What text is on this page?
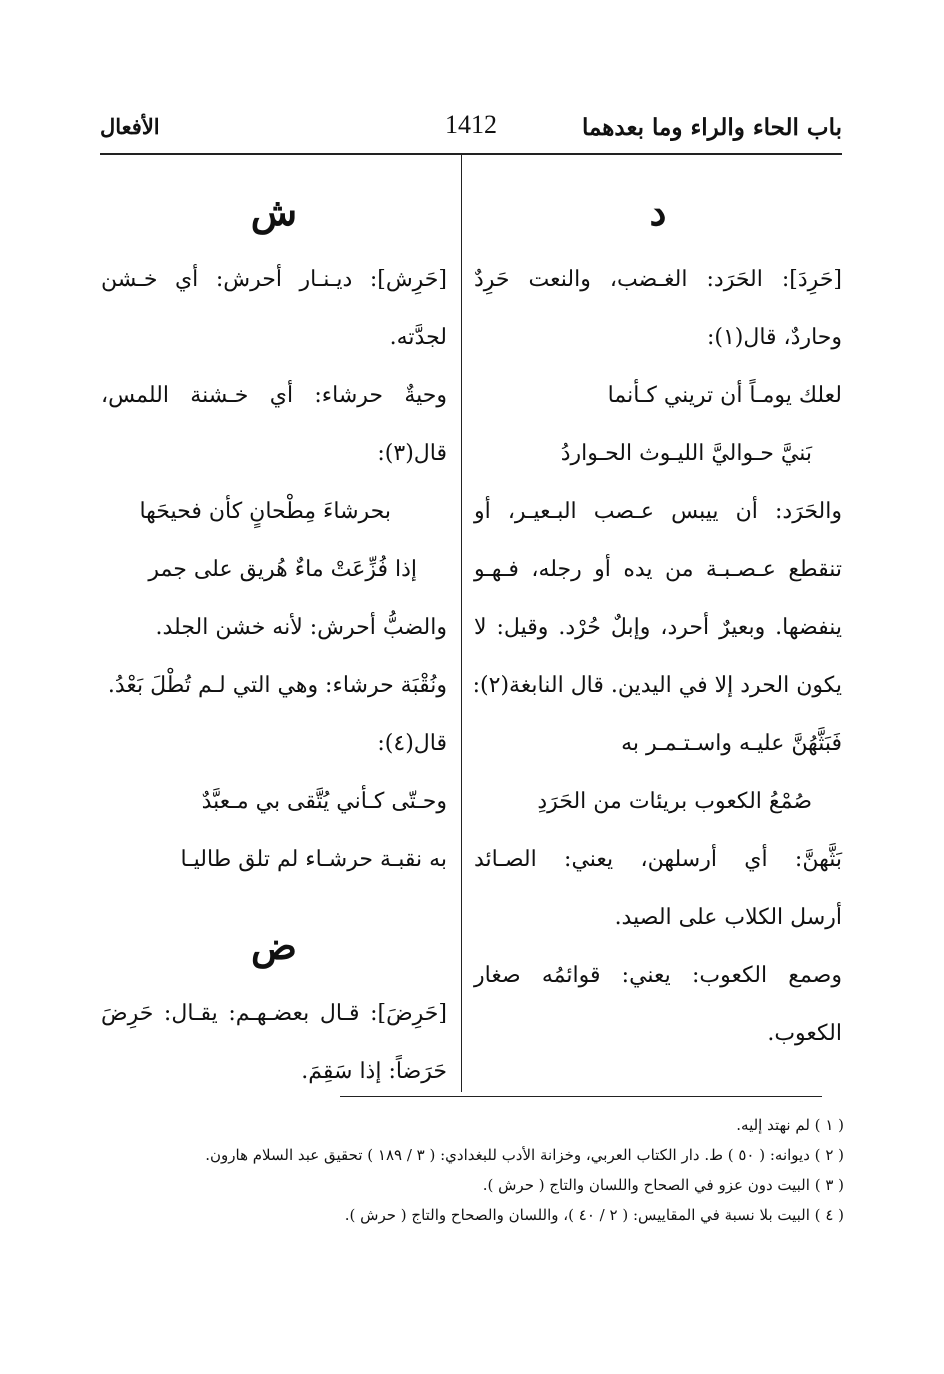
باب الحاء والراء وما بعدهما
1412
الأفعال
د
[حَرِدَ]: الحَرَد: الغـضب، والنعت حَرِدٌ
وحاردٌ، قال(١):
لعلك يومـاً أن تريني كـأنما
بَنيَّ حـواليَّ الليـوث الحـواردُ
والحَرَد: أن ييبس عـصب البـعيـر، أو
تنقطع عـصـبـة من يده أو رجله، فـهـو
ينفضها. وبعيرٌ أحرد، وإبلٌ حُرْد. وقيل: لا
يكون الحرد إلا في اليدين. قال النابغة(٢):
فَبَثَّهُنَّ عليـه واسـتـمـر به
صُمْعُ الكعوب بريئات من الحَرَدِ
بَثَّهنَّ: أي أرسلهن، يعني: الصـائد
أرسل الكلاب على الصيد.
وصمع الكعوب: يعني: قوائمُه صغار
الكعوب.
ش
[حَرِش]: ديـنـار أحرش: أي خـشن
لجدَّته.
وحيةٌ حرشاء: أي خـشنة اللمس،
قال(٣):
بحرشاءَ مِطْحانٍ كأن فحيحَها
إذا فُزِّعَتْ ماءٌ هُريق على جمر
والضبُّ أحرش: لأنه خشن الجلد.
ونُقْبَة حرشاء: وهي التي لـم تُطْلَ بَعْدُ.
قال(٤):
وحـتّى كـأني يُتَّقى بي مـعبَّدٌ
به نقبـة حرشـاء لم تلق طاليـا
ض
[حَرِضَ]: قـال بعضـهـم: يقـال: حَرِضَ
حَرَضاً: إذا سَقِمَ.
( ١ ) لم نهتد إليه.
( ٢ ) ديوانه: ( ٥٠ ) ط. دار الكتاب العربي، وخزانة الأدب للبغدادي: ( ٣ / ١٨٩ ) تحقيق عبد السلام هارون.
( ٣ ) البيت دون عزو في الصحاح واللسان والتاج ( حرش ).
( ٤ ) البيت بلا نسبة في المقاييس: ( ٢ / ٤٠ )، واللسان والصحاح والتاج ( حرش ).
